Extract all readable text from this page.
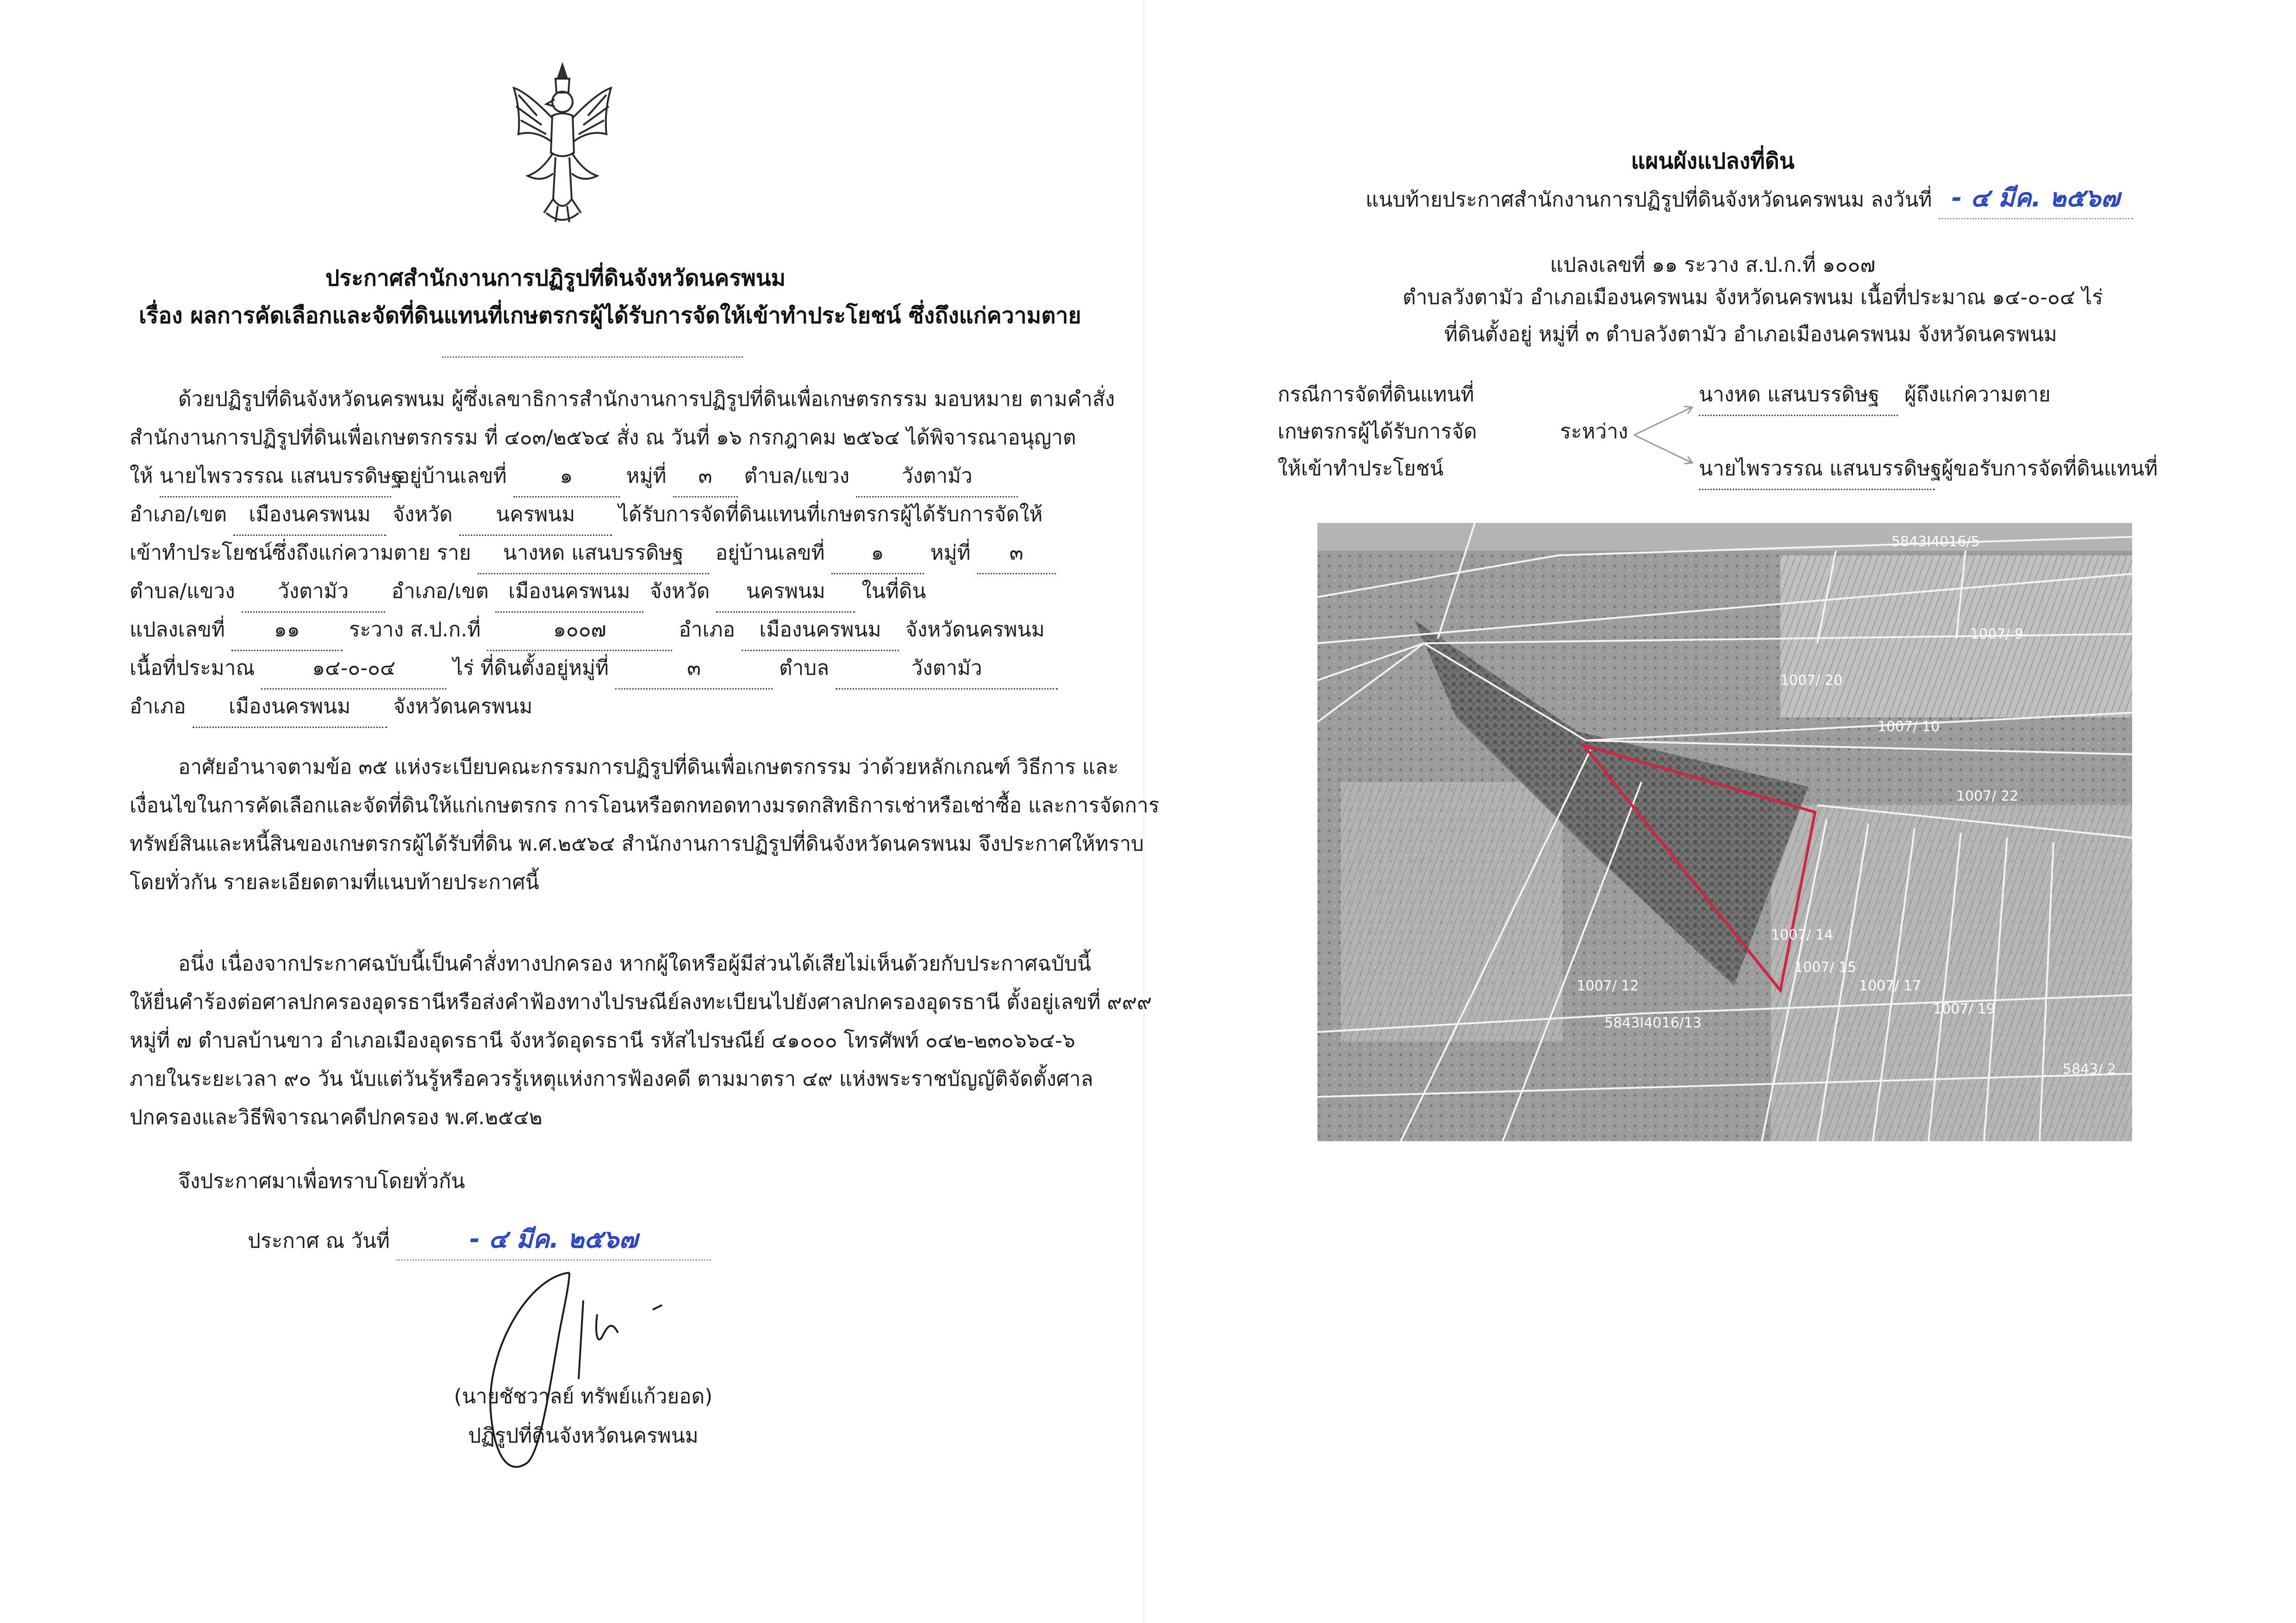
ประกาศสำนักงานการปฏิรูปที่ดินจังหวัดนครพนม
เรื่อง ผลการคัดเลือกและจัดที่ดินแทนที่เกษตรกรผู้ได้รับการจัดให้เข้าทำประโยชน์ ซึ่งถึงแก่ความตาย
ด้วยปฏิรูปที่ดินจังหวัดนครพนม ผู้ซึ่งเลขาธิการสำนักงานการปฏิรูปที่ดินเพื่อเกษตรกรรม มอบหมาย ตามคำสั่ง
สำนักงานการปฏิรูปที่ดินเพื่อเกษตรกรรม ที่ ๔๐๓/๒๕๖๔ สั่ง ณ วันที่ ๑๖ กรกฎาคม ๒๕๖๔ ได้พิจารณาอนุญาต
ให้ นายไพรวรรณ แสนบรรดิษฐ อยู่บ้านเลขที่	๑	หมู่ที่ ๓ ตำบล/แขวง	วังตามัว
อำเภอ/เขต เมืองนครพนม จังหวัด นครพนม ได้รับการจัดที่ดินแทนที่เกษตรกรผู้ได้รับการจัดให้
เข้าทำประโยชน์ซึ่งถึงแก่ความตาย ราย นางหด แสนบรรดิษฐ อยู่บ้านเลขที่ ๑ หมู่ที่ ๓
ตำบล/แขวง วังตามัว อำเภอ/เขต เมืองนครพนม จังหวัด นครพนม ในที่ดิน
แปลงเลขที่ ๑๑ ระวาง ส.ป.ก.ที่	๑๐๐๗	อำเภอ เมืองนครพนม จังหวัดนครพนม
เนื้อที่ประมาณ	๑๔-๐-๐๔	ไร่ ที่ดินตั้งอยู่หมู่ที่	๓	ตำบล	วังตามัว
อำเภอ เมืองนครพนม จังหวัดนครพนม
อาศัยอำนาจตามข้อ ๓๕ แห่งระเบียบคณะกรรมการปฏิรูปที่ดินเพื่อเกษตรกรรม ว่าด้วยหลักเกณฑ์ วิธีการ และ
เงื่อนไขในการคัดเลือกและจัดที่ดินให้แก่เกษตรกร การโอนหรือตกทอดทางมรดกสิทธิการเช่าหรือเช่าซื้อ และการจัดการ
ทรัพย์สินและหนี้สินของเกษตรกรผู้ได้รับที่ดิน พ.ศ.๒๕๖๔ สำนักงานการปฏิรูปที่ดินจังหวัดนครพนม จึงประกาศให้ทราบ
โดยทั่วกัน รายละเอียดตามที่แนบท้ายประกาศนี้
อนึ่ง เนื่องจากประกาศฉบับนี้เป็นคำสั่งทางปกครอง หากผู้ใดหรือผู้มีส่วนได้เสียไม่เห็นด้วยกับประกาศฉบับนี้
ให้ยื่นคำร้องต่อศาลปกครองอุดรธานีหรือส่งคำฟ้องทางไปรษณีย์ลงทะเบียนไปยังศาลปกครองอุดรธานี ตั้งอยู่เลขที่ ๙๙๙
หมู่ที่ ๗ ตำบลบ้านขาว อำเภอเมืองอุดรธานี จังหวัดอุดรธานี รหัสไปรษณีย์ ๔๑๐๐๐ โทรศัพท์ ๐๔๒-๒๓๐๖๖๔-๖
ภายในระยะเวลา ๙๐ วัน นับแต่วันรู้หรือควรรู้เหตุแห่งการฟ้องคดี ตามมาตรา ๔๙ แห่งพระราชบัญญัติจัดตั้งศาล
ปกครองและวิธีพิจารณาคดีปกครอง พ.ศ.๒๕๔๒
จึงประกาศมาเพื่อทราบโดยทั่วกัน
ประกาศ ณ วันที่	- ๔ มีค. ๒๕๖๗
(นายชัชวาลย์ ทรัพย์แก้วยอด)
ปฏิรูปที่ดินจังหวัดนครพนม
แผนผังแปลงที่ดิน
แนบท้ายประกาศสำนักงานการปฏิรูปที่ดินจังหวัดนครพนม ลงวันที่ - ๔ มีค. ๒๕๖๗
แปลงเลขที่ ๑๑ ระวาง ส.ป.ก.ที่ ๑๐๐๗
ตำบลวังตามัว อำเภอเมืองนครพนม จังหวัดนครพนม เนื้อที่ประมาณ ๑๔-๐-๐๔ ไร่
ที่ดินตั้งอยู่ หมู่ที่ ๓ ตำบลวังตามัว อำเภอเมืองนครพนม จังหวัดนครพนม
กรณีการจัดที่ดินแทนที่
เกษตรกรผู้ได้รับการจัด
ให้เข้าทำประโยชน์
ระหว่าง
นางหด แสนบรรดิษฐ ผู้ถึงแก่ความตาย
นายไพรวรรณ แสนบรรดิษฐ ผู้ขอรับการจัดที่ดินแทนที่
5843I4016/5
1007/ 9
1007/ 20
1007/ 10
1007/ 22
1007/ 14
1007/ 15
1007/ 12	1007/ 17
1007/ 19
5843I4016/13
5843/ 2
